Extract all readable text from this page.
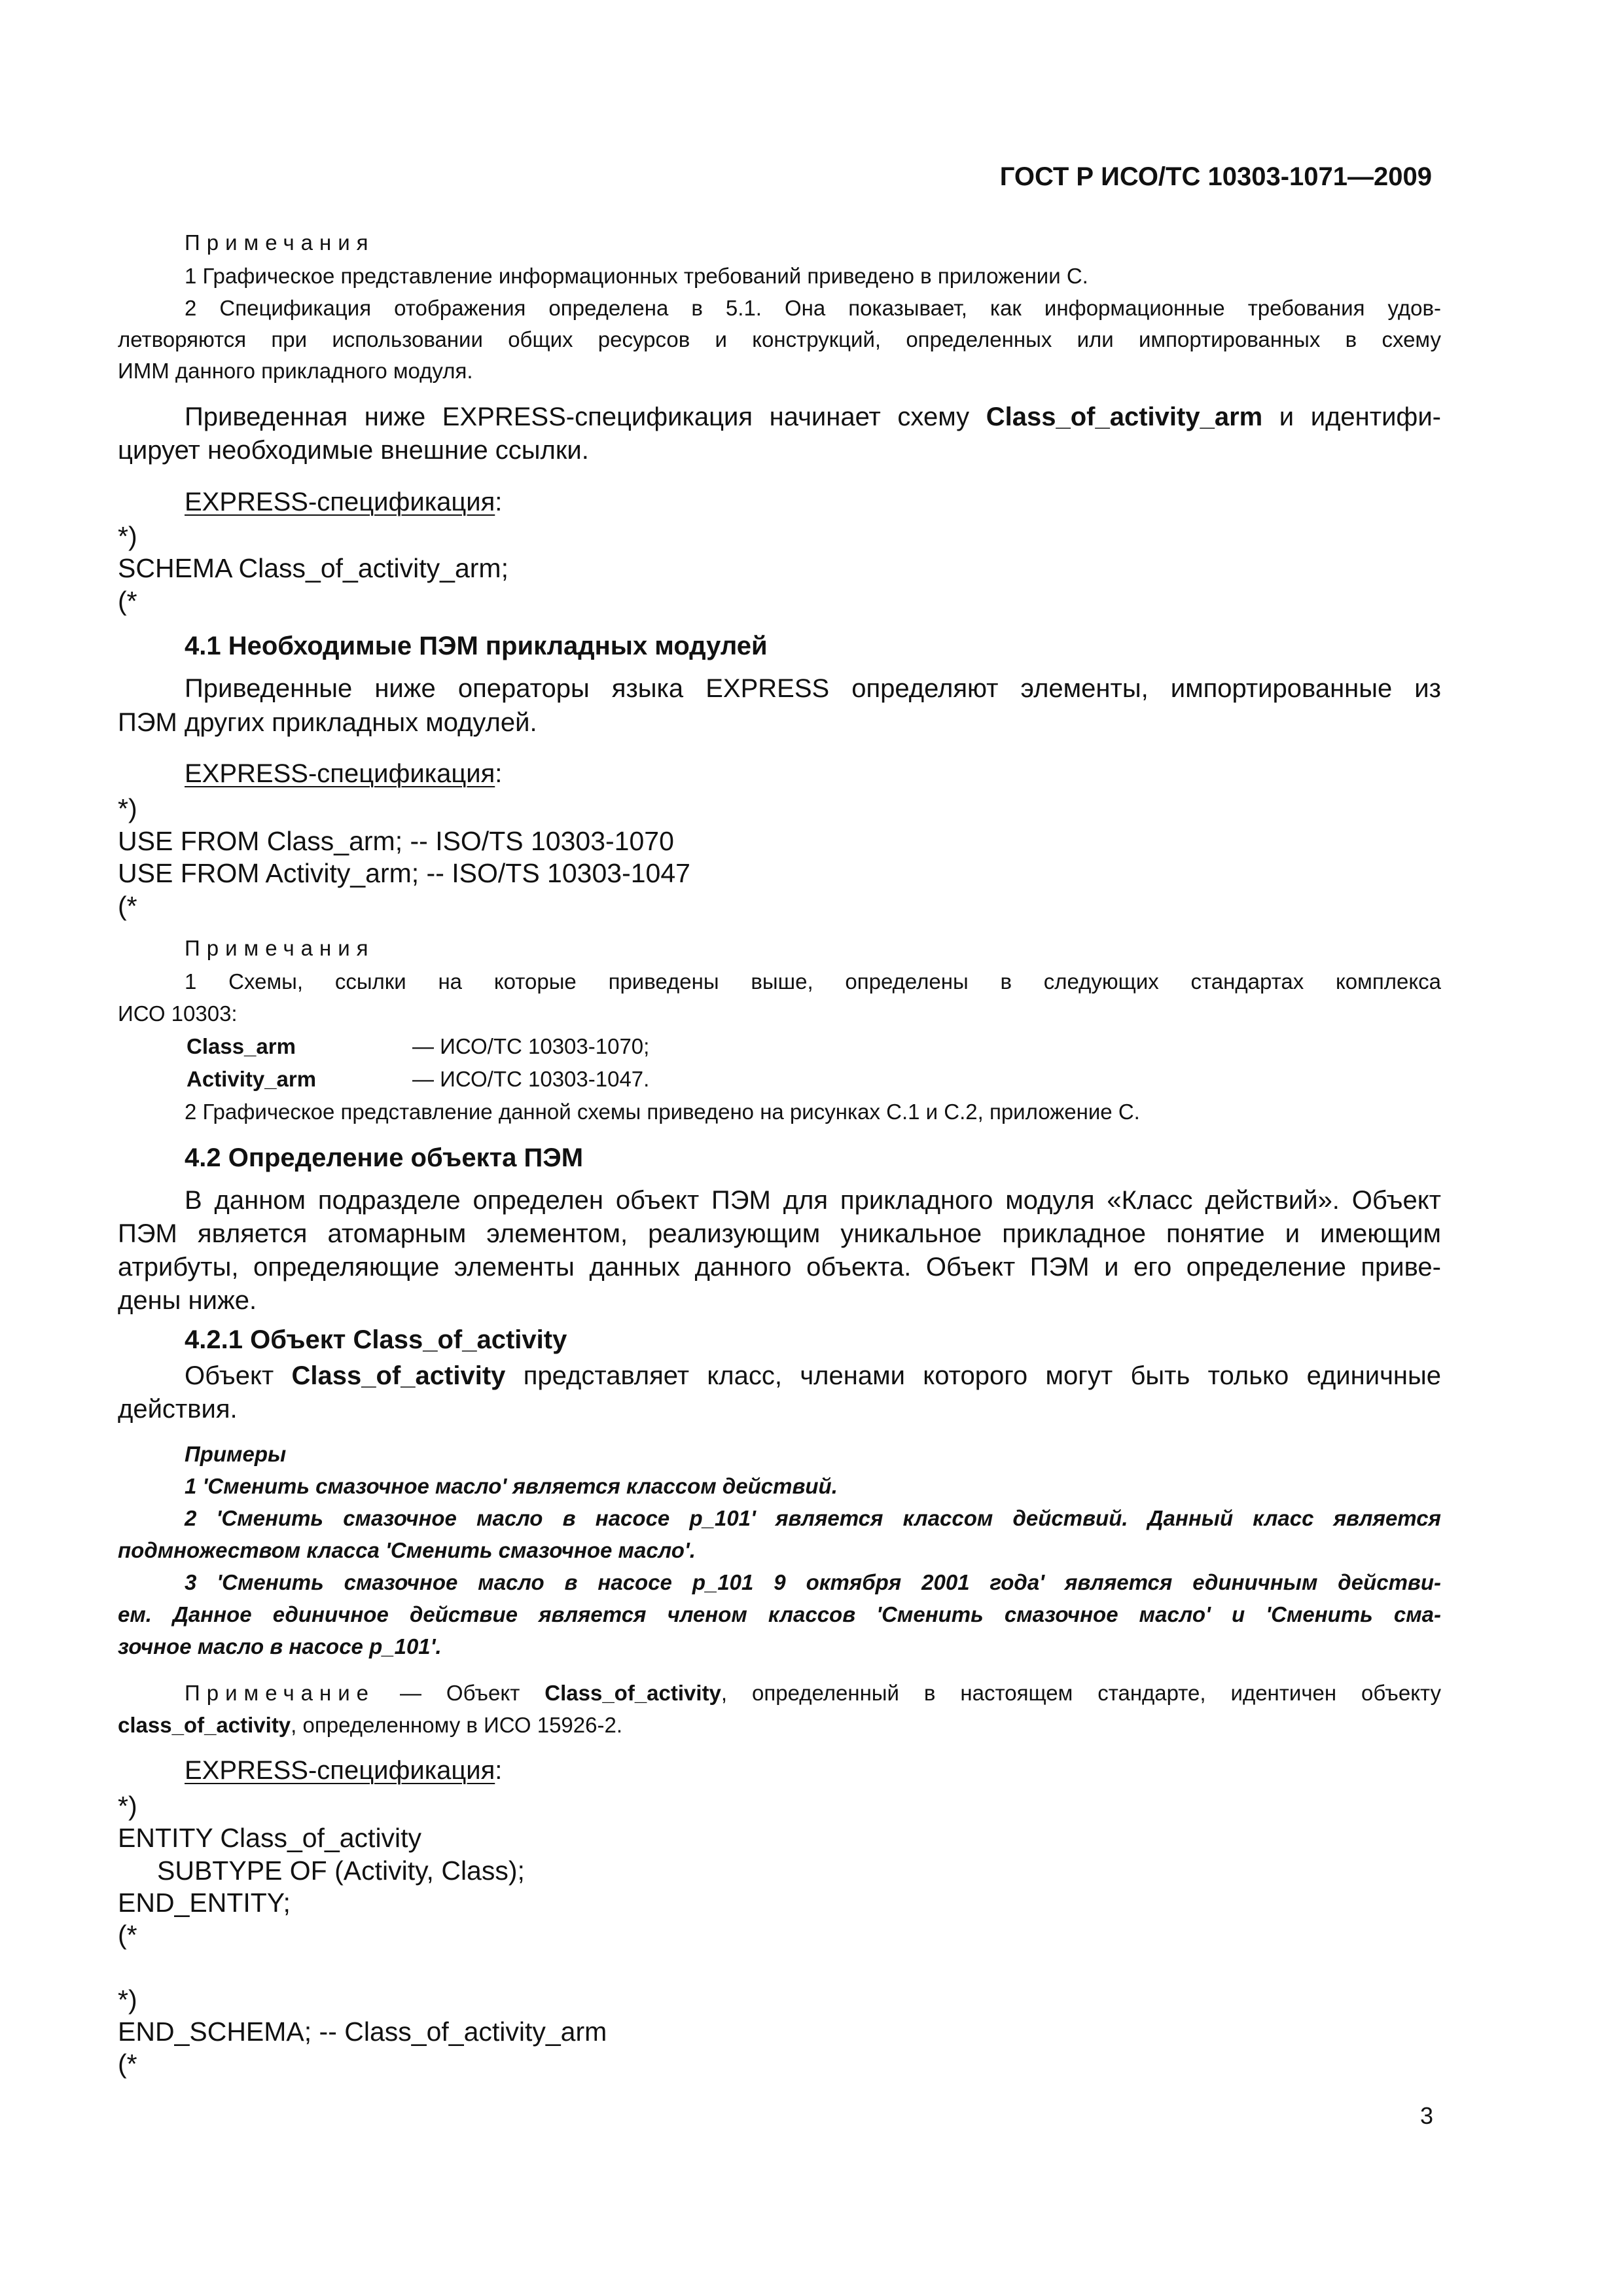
ГОСТ Р ИСО/ТС 10303-1071—2009
Примечания
1 Графическое представление информационных требований приведено в приложении С.
2 Спецификация отображения определена в 5.1. Она показывает, как информационные требования удов-
летворяются при использовании общих ресурсов и конструкций, определенных или импортированных в схему
ИММ данного прикладного модуля.
Приведенная ниже EXPRESS-спецификация начинает схему Class_of_activity_arm и идентифи-
цирует необходимые внешние ссылки.
EXPRESS-спецификация:
*)
SCHEMA Class_of_activity_arm;
(*
4.1 Необходимые ПЭМ прикладных модулей
Приведенные ниже операторы языка EXPRESS определяют элементы, импортированные из
ПЭМ других прикладных модулей.
EXPRESS-спецификация:
*)
USE FROM Class_arm; -- ISO/TS 10303-1070
USE FROM Activity_arm; -- ISO/TS 10303-1047
(*
Примечания
1 Схемы, ссылки на которые приведены выше, определены в следующих стандартах комплекса
ИСО 10303:
Class_arm	— ИСО/ТС 10303-1070;
Activity_arm	— ИСО/ТС 10303-1047.
2 Графическое представление данной схемы приведено на рисунках С.1 и С.2, приложение С.
4.2 Определение объекта ПЭМ
В данном подразделе определен объект ПЭМ для прикладного модуля «Класс действий». Объект
ПЭМ является атомарным элементом, реализующим уникальное прикладное понятие и имеющим
атрибуты, определяющие элементы данных данного объекта. Объект ПЭМ и его определение приве-
дены ниже.
4.2.1 Объект Class_of_activity
Объект Class_of_activity представляет класс, членами которого могут быть только единичные
действия.
Примеры
1 'Сменить смазочное масло' является классом действий.
2 'Сменить смазочное масло в насосе р_101' является классом действий. Данный класс является
подмножеством класса 'Сменить смазочное масло'.
3 'Сменить смазочное масло в насосе р_101 9 октября 2001 года' является единичным действи-
ем. Данное единичное действие является членом классов 'Сменить смазочное масло' и 'Сменить сма-
зочное масло в насосе р_101'.
Примечание — Объект Class_of_activity, определенный в настоящем стандарте, идентичен объекту
class_of_activity, определенному в ИСО 15926-2.
EXPRESS-спецификация:
*)
ENTITY Class_of_activity
SUBTYPE OF (Activity, Class);
END_ENTITY;
(*
*)
END_SCHEMA; -- Class_of_activity_arm
(*
3
